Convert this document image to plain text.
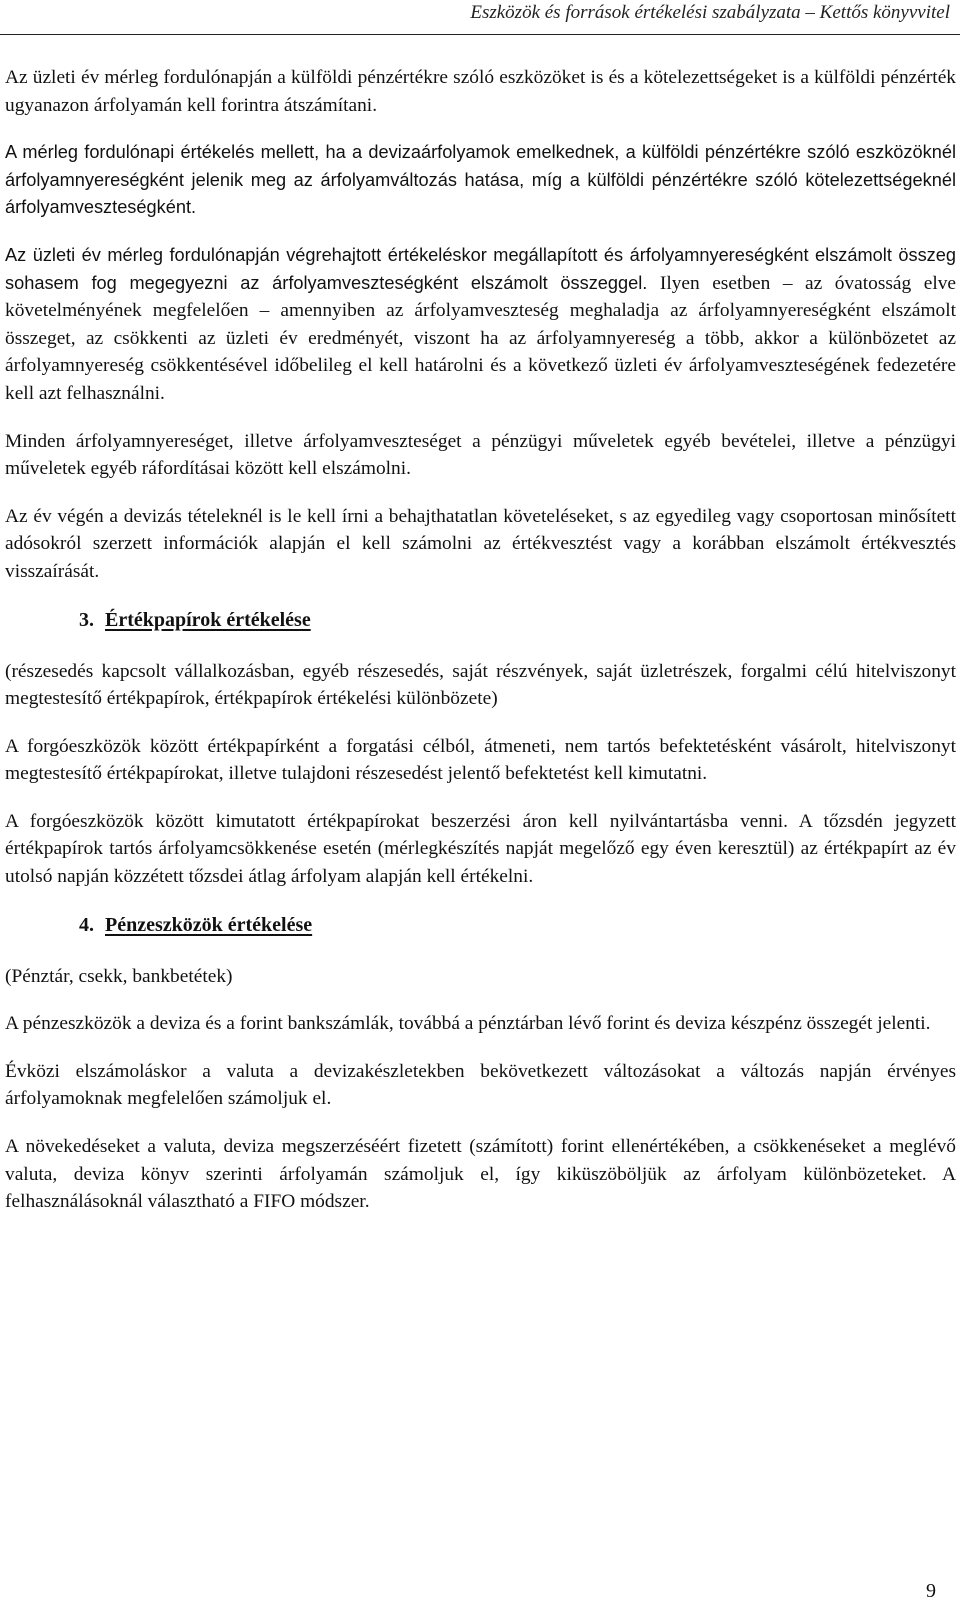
Eszközök és források értékelési szabályzata – Kettős könyvvitel

Az üzleti év mérleg fordulónapján a külföldi pénzértékre szóló eszközöket is és a kötelezettségeket is a külföldi pénzérték ugyanazon árfolyamán kell forintra átszámítani.

A mérleg fordulónapi értékelés mellett, ha a devizaárfolyamok emelkednek, a külföldi pénzértékre szóló eszközöknél árfolyamnyereségként jelenik meg az árfolyamváltozás hatása, míg a külföldi pénzértékre szóló kötelezettségeknél árfolyamveszteségként.

Az üzleti év mérleg fordulónapján végrehajtott értékeléskor megállapított és árfolyamnyereségként elszámolt összeg sohasem fog megegyezni az árfolyamveszteségként elszámolt összeggel. Ilyen esetben – az óvatosság elve követelményének megfelelően – amennyiben az árfolyamveszteség meghaladja az árfolyamnyereségként elszámolt összeget, az csökkenti az üzleti év eredményét, viszont ha az árfolyamnyereség a több, akkor a különbözetet az árfolyamnyereség csökkentésével időbelileg el kell határolni és a következő üzleti év árfolyamveszteségének fedezetére kell azt felhasználni.

Minden árfolyamnyereséget, illetve árfolyamveszteséget a pénzügyi műveletek egyéb bevételei, illetve a pénzügyi műveletek egyéb ráfordításai között kell elszámolni.

Az év végén a devizás tételeknél is le kell írni a behajthatatlan követeléseket, s az egyedileg vagy csoportosan minősített adósokról szerzett információk alapján el kell számolni az értékvesztést vagy a korábban elszámolt értékvesztés visszaírását.

3. Értékpapírok értékelése

(részesedés kapcsolt vállalkozásban, egyéb részesedés, saját részvények, saját üzletrészek, forgalmi célú hitelviszonyt megtestesítő értékpapírok, értékpapírok értékelési különbözete)

A forgóeszközök között értékpapírként a forgatási célból, átmeneti, nem tartós befektetésként vásárolt, hitelviszonyt megtestesítő értékpapírokat, illetve tulajdoni részesedést jelentő befektetést kell kimutatni.

A forgóeszközök között kimutatott értékpapírokat beszerzési áron kell nyilvántartásba venni. A tőzsdén jegyzett értékpapírok tartós árfolyamcsökkenése esetén (mérlegkészítés napját megelőző egy éven keresztül) az értékpapírt az év utolsó napján közzétett tőzsdei átlag árfolyam alapján kell értékelni.

4. Pénzeszközök értékelése

(Pénztár, csekk, bankbetétek)

A pénzeszközök a deviza és a forint bankszámlák, továbbá a pénztárban lévő forint és deviza készpénz összegét jelenti.

Évközi elszámoláskor a valuta a devizakészletekben bekövetkezett változásokat a változás napján érvényes árfolyamoknak megfelelően számoljuk el.

A növekedéseket a valuta, deviza megszerzéséért fizetett (számított) forint ellenértékében, a csökkenéseket a meglévő valuta, deviza könyv szerinti árfolyamán számoljuk el, így kiküszöböljük az árfolyam különbözeteket. A felhasználásoknál választható a FIFO módszer.

9
